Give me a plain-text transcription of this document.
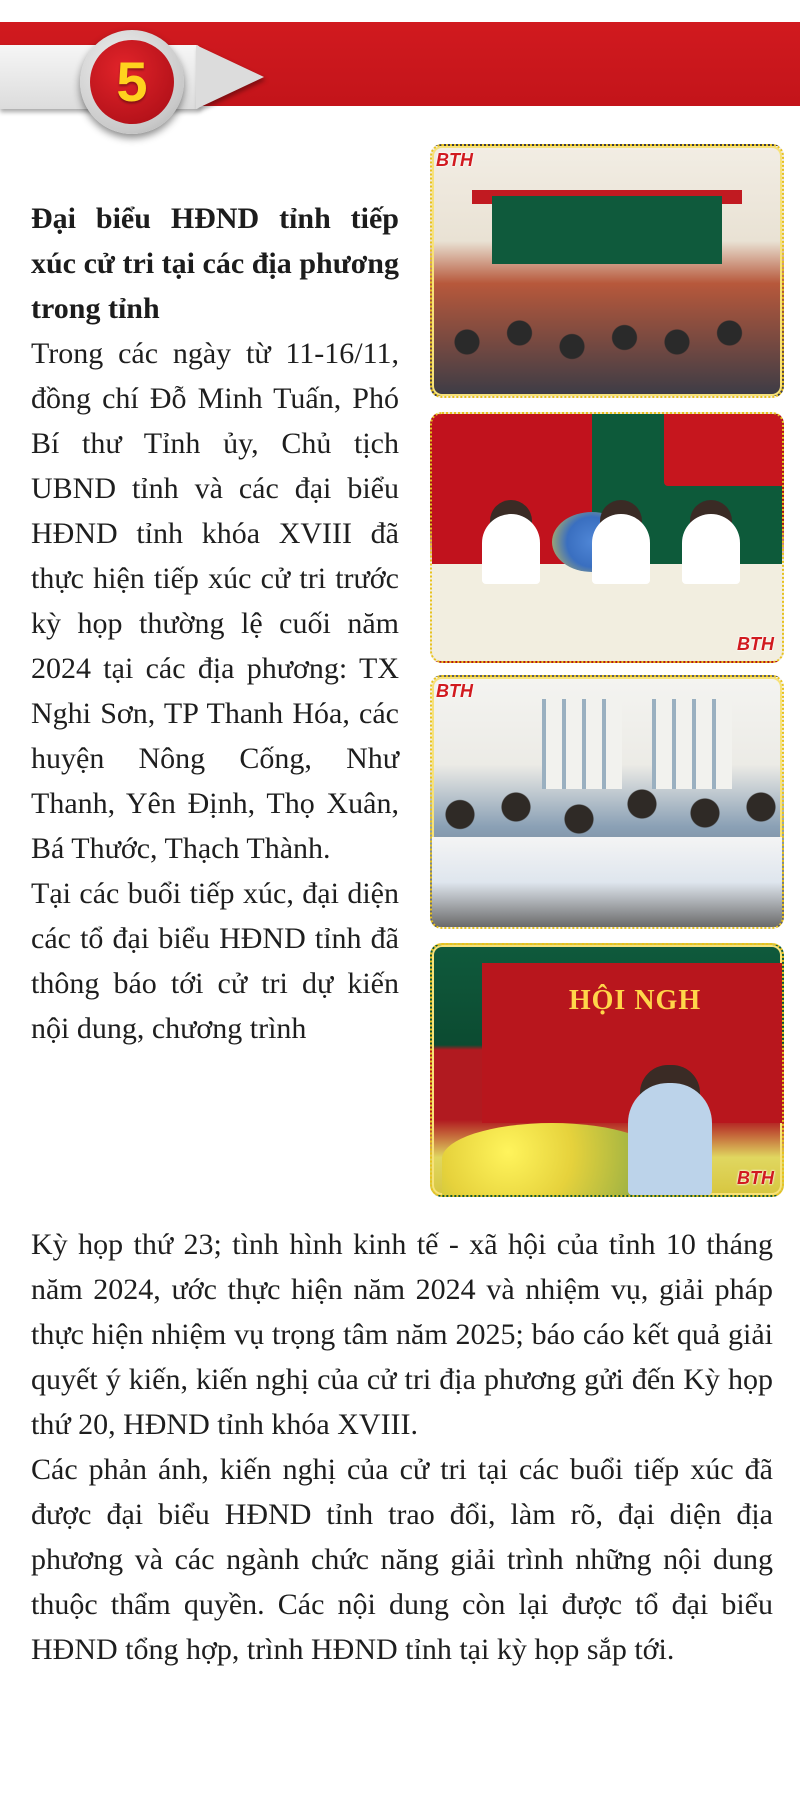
5
Đại biểu HĐND tỉnh tiếp xúc cử tri tại các địa phương trong tỉnh

Trong các ngày từ 11-16/11, đồng chí Đỗ Minh Tuấn, Phó Bí thư Tỉnh ủy, Chủ tịch UBND tỉnh và các đại biểu HĐND tỉnh khóa XVIII đã thực hiện tiếp xúc cử tri trước kỳ họp thường lệ cuối năm 2024 tại các địa phương: TX Nghi Sơn, TP Thanh Hóa, các huyện Nông Cống, Như Thanh, Yên Định, Thọ Xuân, Bá Thước, Thạch Thành.

Tại các buổi tiếp xúc, đại diện các tổ đại biểu HĐND tỉnh đã thông báo tới cử tri dự kiến nội dung, chương trình

Kỳ họp thứ 23; tình hình kinh tế - xã hội của tỉnh 10 tháng năm 2024, ước thực hiện năm 2024 và nhiệm vụ, giải pháp thực hiện nhiệm vụ trọng tâm năm 2025; báo cáo kết quả giải quyết ý kiến, kiến nghị của cử tri địa phương gửi đến Kỳ họp thứ 20, HĐND tỉnh khóa XVIII.

Các phản ánh, kiến nghị của cử tri tại các buổi tiếp xúc đã được đại biểu HĐND tỉnh trao đổi, làm rõ, đại diện địa phương và các ngành chức năng giải trình những nội dung thuộc thẩm quyền. Các nội dung còn lại được tổ đại biểu HĐND tổng hợp, trình HĐND tỉnh tại kỳ họp sắp tới.

BTH
BTH
BTH
HỘI NGH
BTH
